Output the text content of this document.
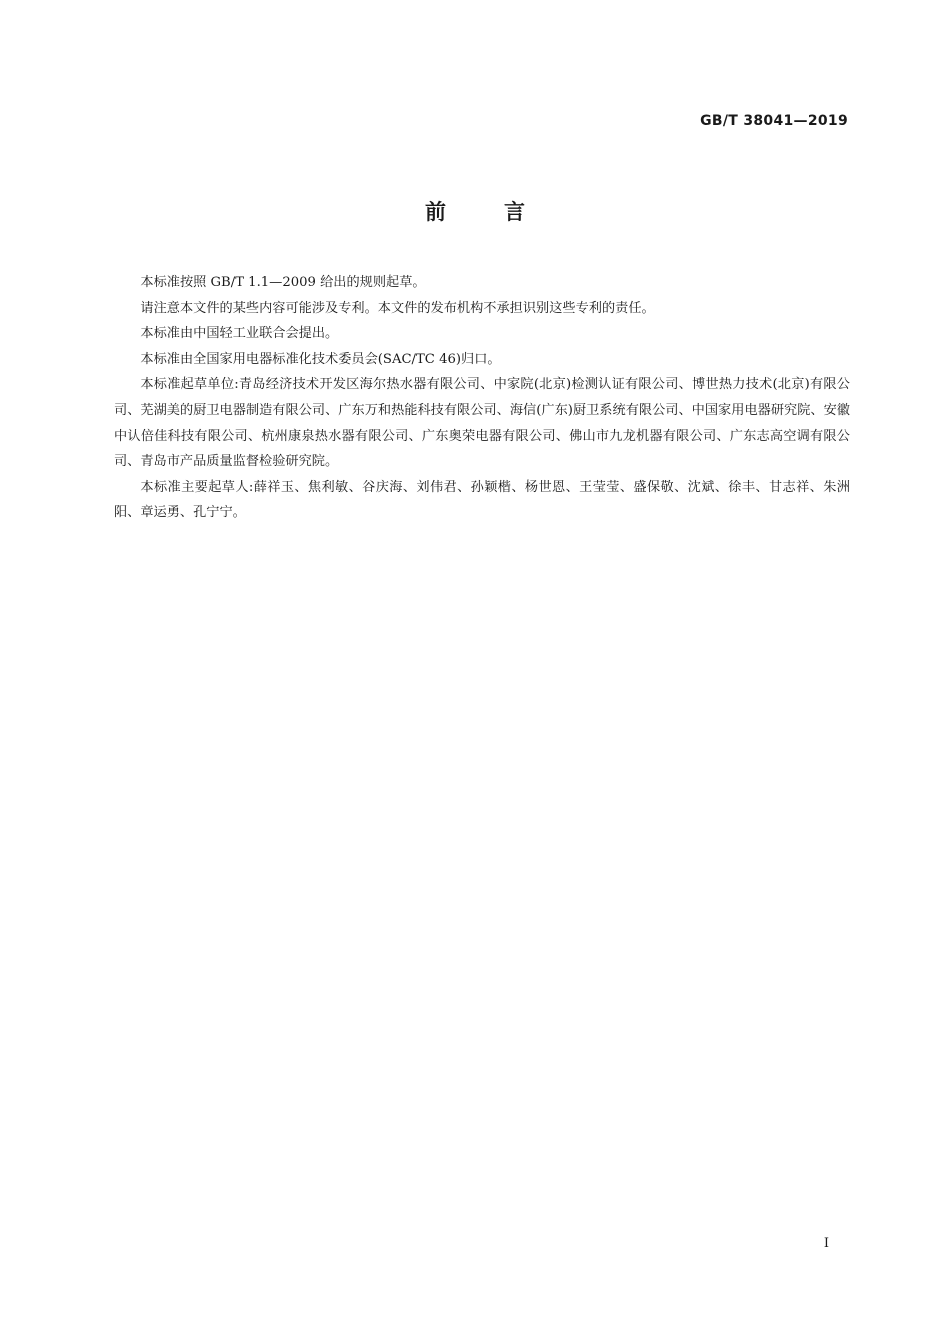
GB/T 38041—2019
前言

本标准按照 GB/T 1.1—2009 给出的规则起草。

请注意本文件的某些内容可能涉及专利。本文件的发布机构不承担识别这些专利的责任。

本标准由中国轻工业联合会提出。

本标准由全国家用电器标准化技术委员会(SAC/TC 46)归口。

本标准起草单位:青岛经济技术开发区海尔热水器有限公司、中家院(北京)检测认证有限公司、博世热力技术(北京)有限公司、芜湖美的厨卫电器制造有限公司、广东万和热能科技有限公司、海信(广东)厨卫系统有限公司、中国家用电器研究院、安徽中认倍佳科技有限公司、杭州康泉热水器有限公司、广东奥荣电器有限公司、佛山市九龙机器有限公司、广东志高空调有限公司、青岛市产品质量监督检验研究院。

本标准主要起草人:薛祥玉、焦利敏、谷庆海、刘伟君、孙颖楷、杨世恩、王莹莹、盛保敬、沈斌、徐丰、甘志祥、朱洲阳、章运勇、孔宁宁。

I
